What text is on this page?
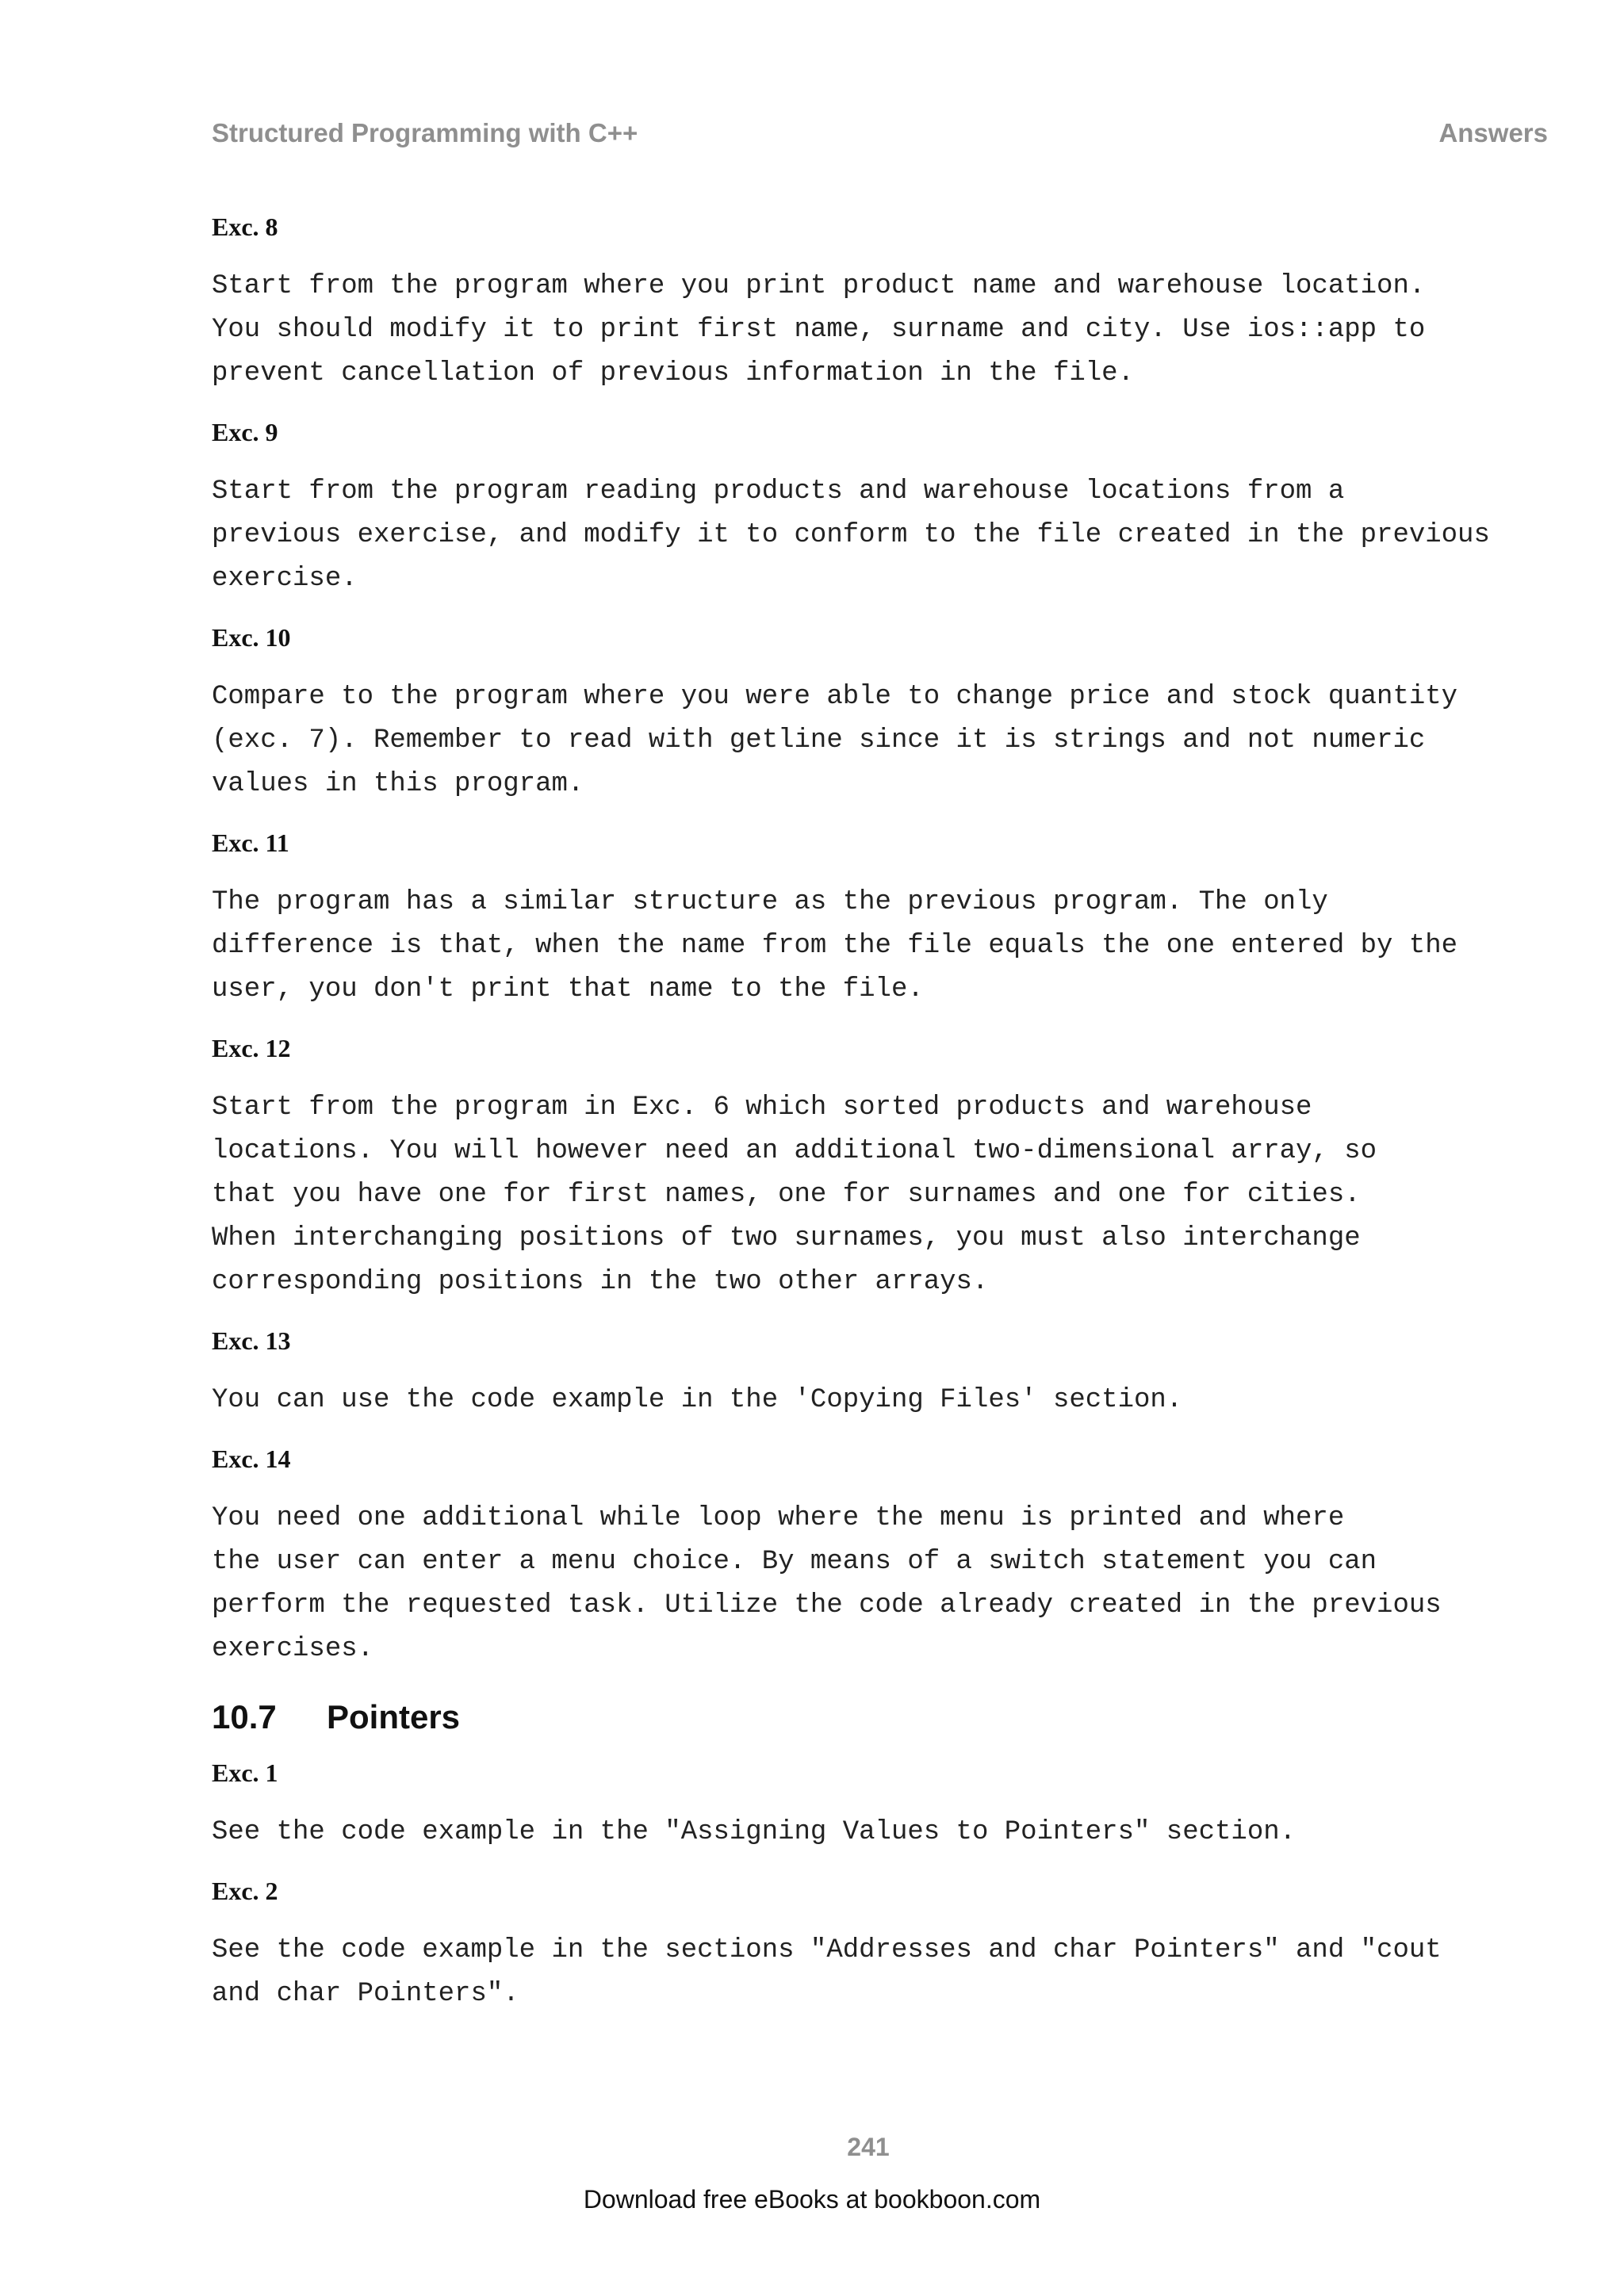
Structured Programming with C++	Answers
Exc. 8

Start from the program where you print product name and warehouse location.
You should modify it to print first name, surname and city. Use ios::app to
prevent cancellation of previous information in the file.

Exc. 9

Start from the program reading products and warehouse locations from a
previous exercise, and modify it to conform to the file created in the previous
exercise.

Exc. 10

Compare to the program where you were able to change price and stock quantity
(exc. 7). Remember to read with getline since it is strings and not numeric
values in this program.

Exc. 11

The program has a similar structure as the previous program. The only
difference is that, when the name from the file equals the one entered by the
user, you don't print that name to the file.

Exc. 12

Start from the program in Exc. 6 which sorted products and warehouse
locations. You will however need an additional two-dimensional array, so
that you have one for first names, one for surnames and one for cities.
When interchanging positions of two surnames, you must also interchange
corresponding positions in the two other arrays.

Exc. 13

You can use the code example in the 'Copying Files' section.

Exc. 14

You need one additional while loop where the menu is printed and where
the user can enter a menu choice. By means of a switch statement you can
perform the requested task. Utilize the code already created in the previous
exercises.

10.7	Pointers
Exc. 1

See the code example in the "Assigning Values to Pointers" section.

Exc. 2

See the code example in the sections "Addresses and char Pointers" and "cout
and char Pointers".

241
Download free eBooks at bookboon.com
